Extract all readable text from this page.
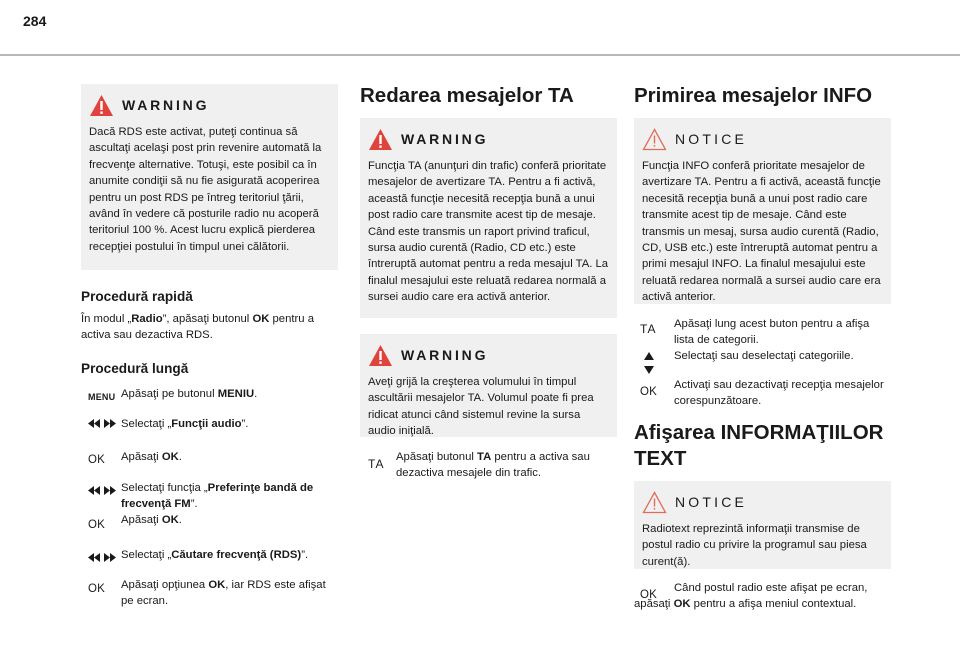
284
WARNING
Dacă RDS este activat, puteţi continua să ascultaţi acelaşi post prin revenire automată la frecvenţe alternative. Totuşi, este posibil ca în anumite condiţii să nu fie asigurată acoperirea pentru un post RDS pe întreg teritoriul ţării, având în vedere că posturile radio nu acoperă teritoriul 100 %. Acest lucru explică pierderea recepţiei postului în timpul unei călătorii.
Procedură rapidă

În modul „Radio”, apăsaţi butonul OK pentru a activa sau dezactiva RDS.

Procedură lungă
MENU Apăsaţi pe butonul MENIU.
Selectaţi „Funcţii audio”.
OK Apăsaţi OK.
Selectaţi funcţia „Preferinţe bandă de frecvenţă FM”.
OK Apăsaţi OK.
Selectaţi „Căutare frecvenţă (RDS)”.
OK Apăsaţi opţiunea OK, iar RDS este afişat pe ecran.
Redarea mesajelor TA
WARNING
Funcţia TA (anunţuri din trafic) conferă prioritate mesajelor de avertizare TA. Pentru a fi activă, această funcţie necesită recepţia bună a unui post radio care transmite acest tip de mesaje. Când este transmis un raport privind traficul, sursa audio curentă (Radio, CD etc.) este întreruptă automat pentru a reda mesajul TA. La finalul mesajului este reluată redarea normală a sursei audio care era activă anterior.
WARNING
Aveţi grijă la creşterea volumului în timpul ascultării mesajelor TA. Volumul poate fi prea ridicat atunci când sistemul revine la sursa audio iniţială.
TA Apăsaţi butonul TA pentru a activa sau dezactiva mesajele din trafic.
Primirea mesajelor INFO
NOTICE
Funcţia INFO conferă prioritate mesajelor de avertizare TA. Pentru a fi activă, această funcţie necesită recepţia bună a unui post radio care transmite acest tip de mesaje. Când este transmis un mesaj, sursa audio curentă (Radio, CD, USB etc.) este întreruptă automat pentru a primi mesajul INFO. La finalul mesajului este reluată redarea normală a sursei audio care era activă anterior.
TA Apăsaţi lung acest buton pentru a afişa lista de categorii.
Selectaţi sau deselectaţi categoriile.
OK
Activaţi sau dezactivaţi recepţia mesajelor corespunzătoare.
Afişarea INFORMAŢIILOR TEXT
NOTICE
Radiotext reprezintă informaţii transmise de postul radio cu privire la programul sau piesa curent(ă).
OK
Când postul radio este afişat pe ecran, apăsaţi OK pentru a afişa meniul contextual.
